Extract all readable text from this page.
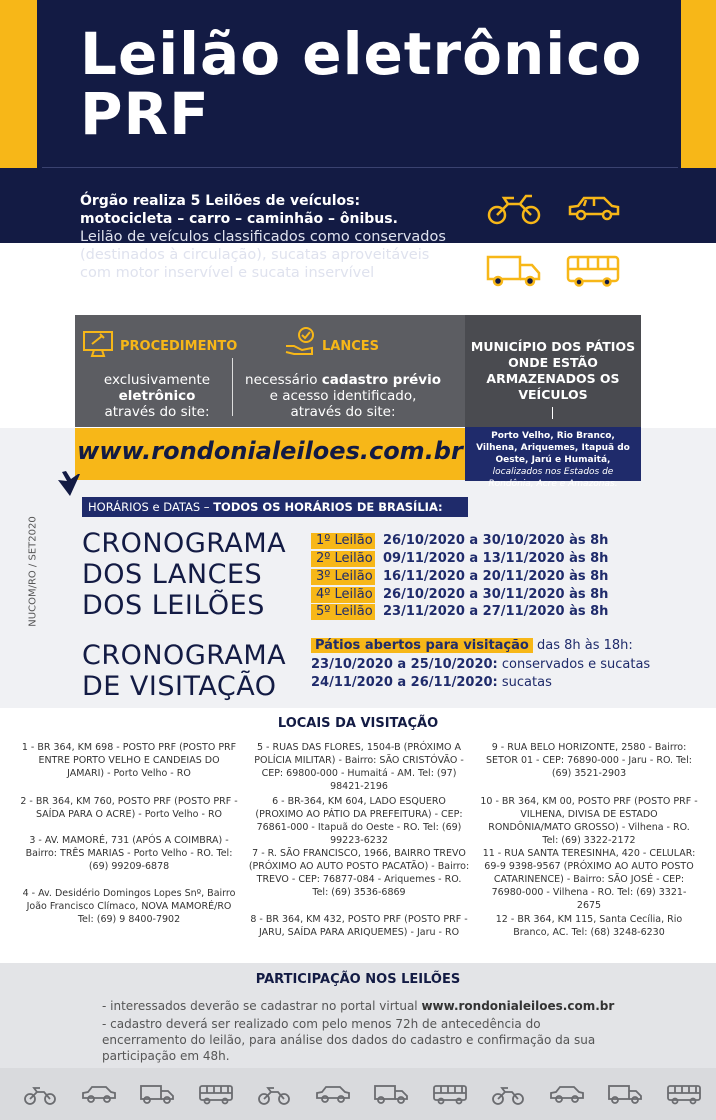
Leilão eletrônico
PRF
Órgão realiza 5 Leilões de veículos:
motocicleta – carro – caminhão – ônibus.
Leilão de veículos classificados como conservados (destinados à circulação), sucatas aproveitáveis com motor inservível e sucata inservível
PROCEDIMENTO
exclusivamente
eletrônico
através do site:
LANCES
necessário cadastro prévio
e acesso identificado,
através do site:
MUNICÍPIO DOS PÁTIOS ONDE ESTÃO ARMAZENADOS OS VEÍCULOS
Porto Velho, Rio Branco, Vilhena, Ariquemes, Itapuã do Oeste, Jarú e Humaitá, localizados nos Estados de Rondônia, Acre e Amazonas.
www.rondonialeiloes.com.br
HORÁRIOS e DATAS – TODOS OS HORÁRIOS DE BRASÍLIA:
NUCOM/RO / SET2020 CRONOGRAMA
DOS LANCES
DOS LEILÕES
1º Leilão 26/10/2020 a 30/10/2020 às 8h
2º Leilão 09/11/2020 a 13/11/2020 às 8h
3º Leilão 16/11/2020 a 20/11/2020 às 8h
4º Leilão 26/10/2020 a 30/11/2020 às 8h
5º Leilão 23/11/2020 a 27/11/2020 às 8h
CRONOGRAMA
DE VISITAÇÃO
Pátios abertos para visitação das 8h às 18h:
23/10/2020 a 25/10/2020: conservados e sucatas
24/11/2020 a 26/11/2020: sucatas
LOCAIS DA VISITAÇÃO
1 - BR 364, KM 698 - POSTO PRF (POSTO PRF ENTRE PORTO VELHO E CANDEIAS DO JAMARI) - Porto Velho - RO
2 - BR 364, KM 760, POSTO PRF (POSTO PRF - SAÍDA PARA O ACRE) - Porto Velho - RO
3 - AV. MAMORÉ, 731 (APÓS A COIMBRA) - Bairro: TRÊS MARIAS - Porto Velho - RO. Tel: (69) 99209-6878
4 - Av. Desidério Domingos Lopes Snº, Bairro João Francisco Clímaco, NOVA MAMORÉ/RO Tel: (69) 9 8400-7902
5 - RUAS DAS FLORES, 1504-B (PRÓXIMO A POLÍCIA MILITAR) - Bairro: SÃO CRISTÓVÃO - CEP: 69800-000 - Humaitá - AM. Tel: (97) 98421-2196
6 - BR-364, KM 604, LADO ESQUERO (PROXIMO AO PÁTIO DA PREFEITURA) - CEP: 76861-000 - Itapuã do Oeste - RO. Tel: (69) 99223-6232
7 - R. SÃO FRANCISCO, 1966, BAIRRO TREVO (PRÓXIMO AO AUTO POSTO PACATÃO) - Bairro: TREVO - CEP: 76877-084 - Ariquemes - RO. Tel: (69) 3536-6869
8 - BR 364, KM 432, POSTO PRF (POSTO PRF - JARU, SAÍDA PARA ARIQUEMES) - Jaru - RO
9 - RUA BELO HORIZONTE, 2580 - Bairro: SETOR 01 - CEP: 76890-000 - Jaru - RO. Tel: (69) 3521-2903
10 - BR 364, KM 00, POSTO PRF (POSTO PRF - VILHENA, DIVISA DE ESTADO RONDÔNIA/MATO GROSSO) - Vilhena - RO. Tel: (69) 3322-2172
11 - RUA SANTA TERESINHA, 420 - CELULAR: 69-9 9398-9567 (PRÓXIMO AO AUTO POSTO CATARINENCE) - Bairro: SÃO JOSÉ - CEP: 76980-000 - Vilhena - RO. Tel: (69) 3321-2675
12 - BR 364, KM 115, Santa Cecília, Rio Branco, AC. Tel: (68) 3248-6230
PARTICIPAÇÃO NOS LEILÕES
- interessados deverão se cadastrar no portal virtual www.rondonialeiloes.com.br
- cadastro deverá ser realizado com pelo menos 72h de antecedência do encerramento do leilão, para análise dos dados do cadastro e confirmação da sua participação em 48h.
